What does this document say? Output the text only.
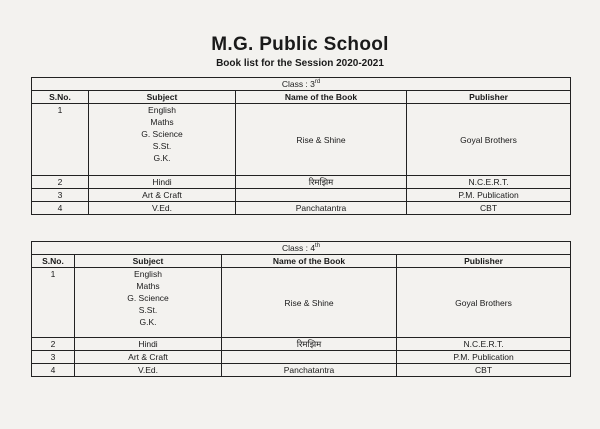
M.G. Public School
Book list for the Session 2020-2021
Class : 3rd
S.No.	Subject	Name of the Book	Publisher
1	English
Maths
G. Science
S.St.
G.K.	Rise & Shine	Goyal Brothers
2	Hindi	रिमझिम	N.C.E.R.T.
3	Art & Craft		P.M. Publication
4	V.Ed.	Panchatantra	CBT
Class : 4th
S.No.	Subject	Name of the Book	Publisher
1	English
Maths
G. Science
S.St.
G.K.	Rise & Shine	Goyal Brothers
2	Hindi	रिमझिम	N.C.E.R.T.
3	Art & Craft		P.M. Publication
4	V.Ed.	Panchatantra	CBT
